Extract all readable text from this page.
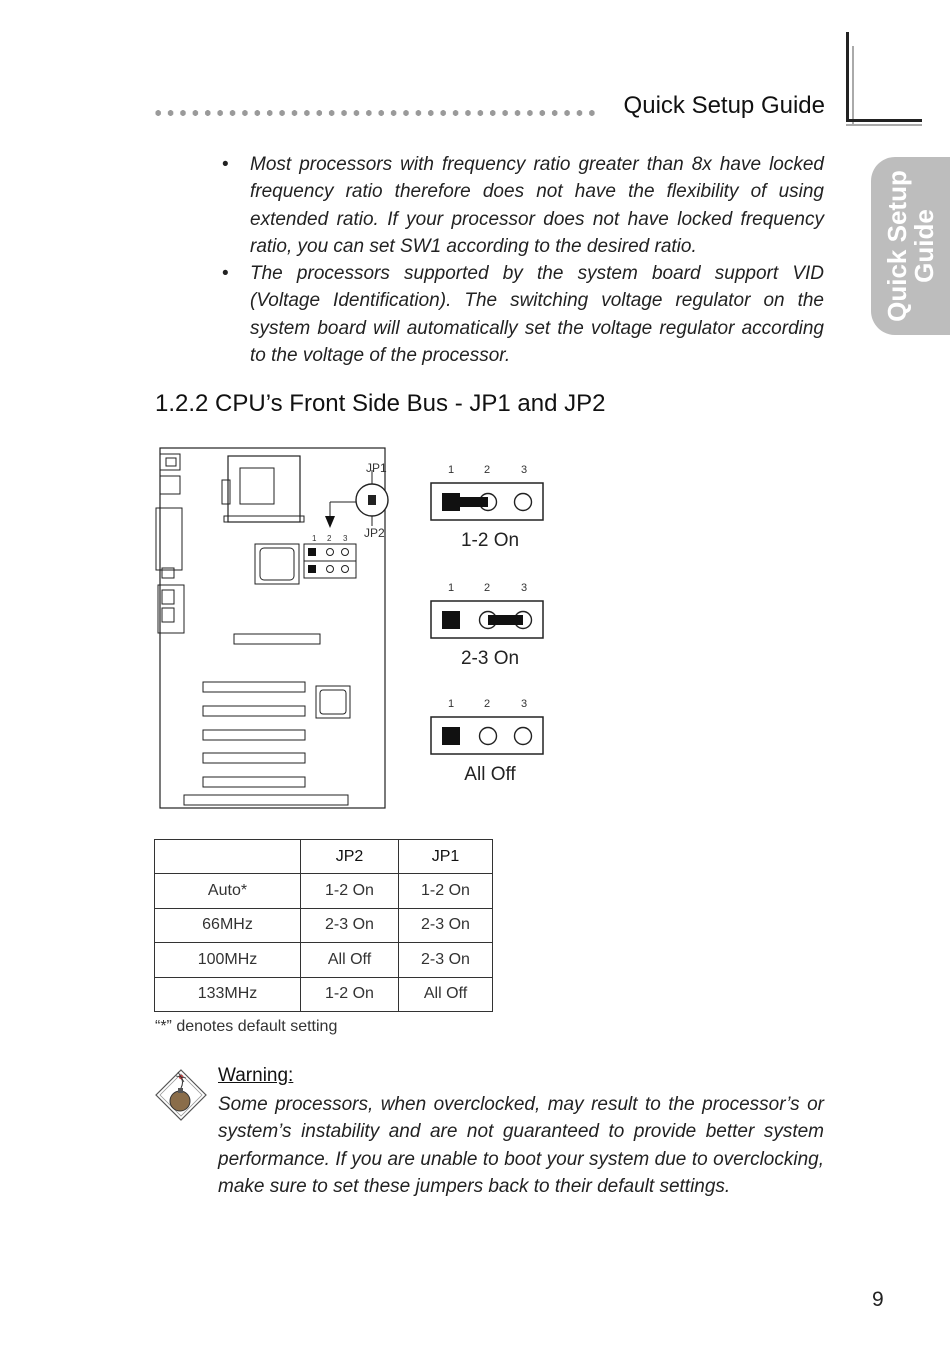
Quick Setup Guide
Quick Setup
Guide
• Most processors with frequency ratio greater than 8x have locked frequency ratio therefore does not have the flexibility of using extended ratio. If your processor does not have locked frequency ratio, you can set SW1 according to the desired ratio.
• The processors supported by the system board support VID (Voltage Identification). The switching voltage regulator on the system board will automatically set the voltage regulator according to the voltage of the processor.
1.2.2 CPU’s Front Side Bus - JP1 and JP2
1 2 3
JP1
JP2
1	2	3
1-2 On
1	2	3
2-3 On
1	2	3
All Off
	JP2	JP1
Auto*	1-2 On	1-2 On
66MHz	2-3 On	2-3 On
100MHz	All Off	2-3 On
133MHz	1-2 On	All Off
“*” denotes default setting
Warning:
Some processors, when overclocked, may result to the processor’s or system’s instability and are not guaranteed to provide better system performance. If you are unable to boot your system due to overclocking, make sure to set these jumpers back to their default settings.
9
